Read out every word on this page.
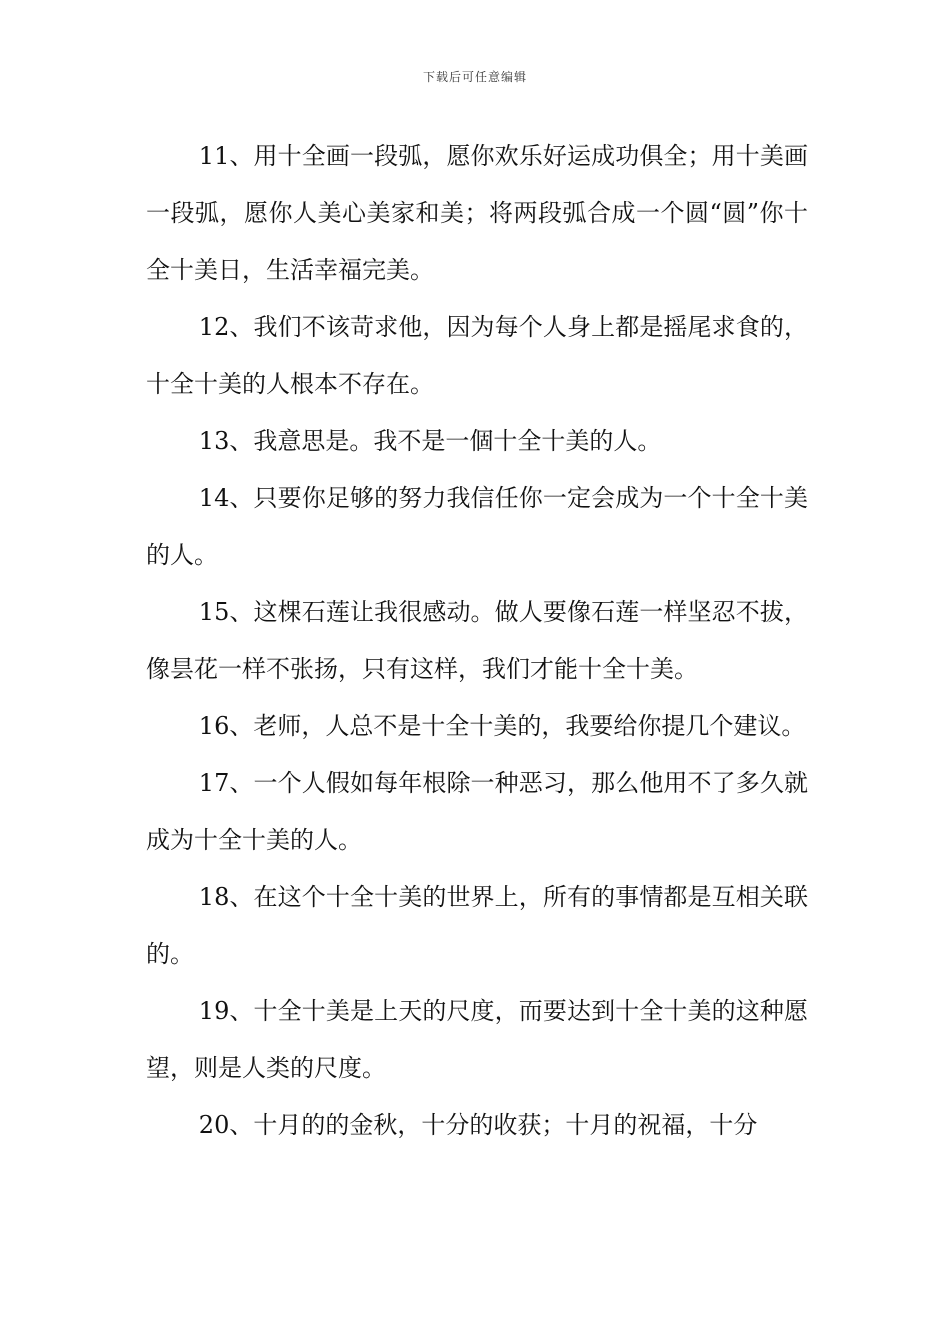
下载后可任意编辑

11、用十全画一段弧，愿你欢乐好运成功俱全；用十美画一段弧，愿你人美心美家和美；将两段弧合成一个圆“圆”你十全十美日，生活幸福完美。

12、我们不该苛求他，因为每个人身上都是摇尾求食的，十全十美的人根本不存在。

13、我意思是。我不是一個十全十美的人。

14、只要你足够的努力我信任你一定会成为一个十全十美的人。

15、这棵石莲让我很感动。做人要像石莲一样坚忍不拔，像昙花一样不张扬，只有这样，我们才能十全十美。

16、老师，人总不是十全十美的，我要给你提几个建议。

17、一个人假如每年根除一种恶习，那么他用不了多久就成为十全十美的人。

18、在这个十全十美的世界上，所有的事情都是互相关联的。

19、十全十美是上天的尺度，而要达到十全十美的这种愿望，则是人类的尺度。

20、十月的的金秋，十分的收获；十月的祝福，十分
